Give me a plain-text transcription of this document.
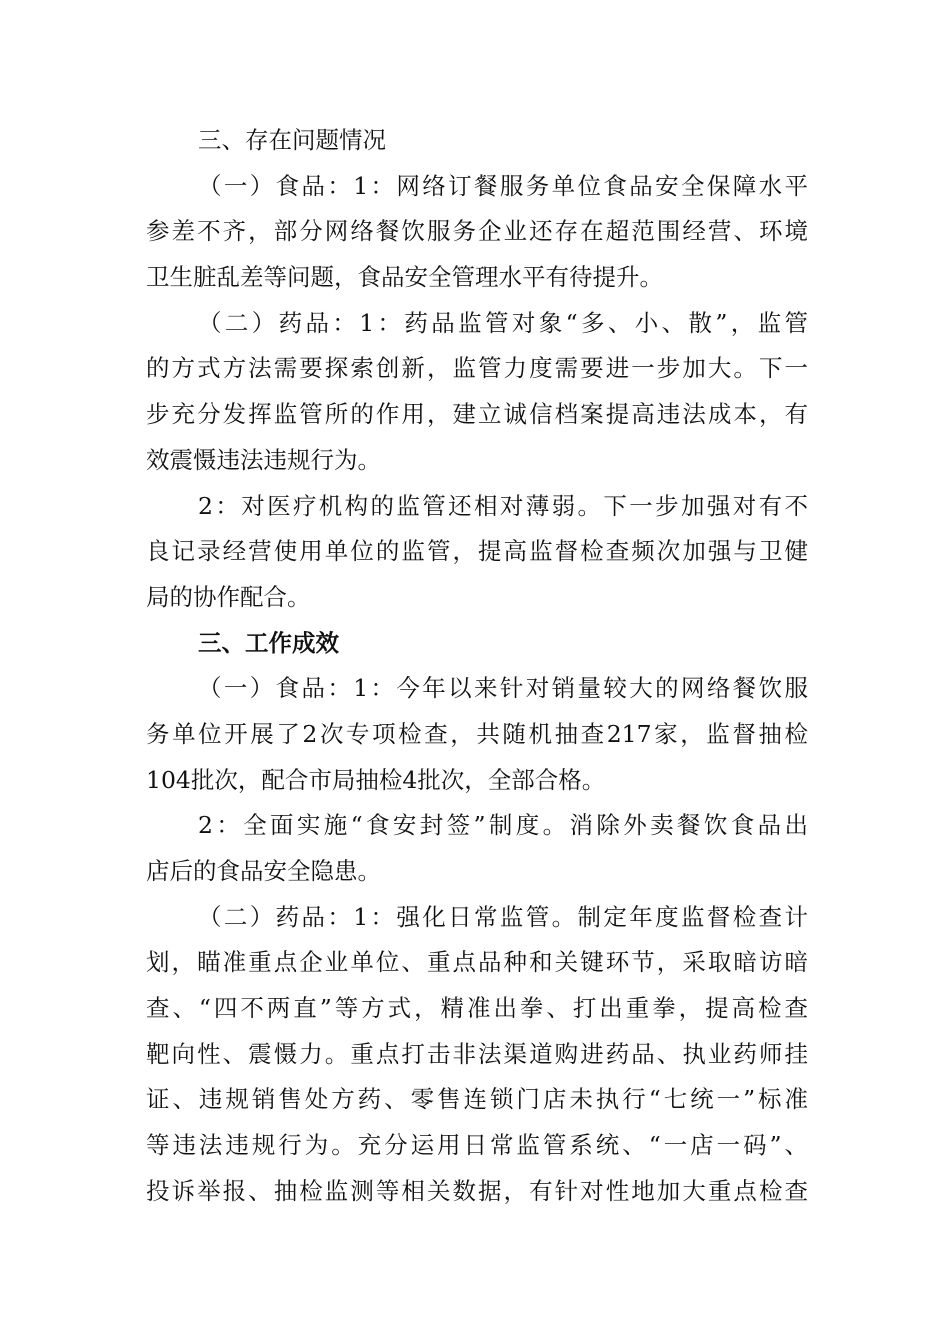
三、存在问题情况
（一）食品：1：网络订餐服务单位食品安全保障水平
参差不齐，部分网络餐饮服务企业还存在超范围经营、环境
卫生脏乱差等问题，食品安全管理水平有待提升。
（二）药品：1：药品监管对象“多、小、散”，监管
的方式方法需要探索创新，监管力度需要进一步加大。下一
步充分发挥监管所的作用，建立诚信档案提高违法成本，有
效震慑违法违规行为。
2：对医疗机构的监管还相对薄弱。下一步加强对有不
良记录经营使用单位的监管，提高监督检查频次加强与卫健
局的协作配合。
三、工作成效
（一）食品：1：今年以来针对销量较大的网络餐饮服
务单位开展了2次专项检查，共随机抽查217家，监督抽检
104批次，配合市局抽检4批次，全部合格。
2：全面实施“食安封签”制度。消除外卖餐饮食品出
店后的食品安全隐患。
（二）药品：1：强化日常监管。制定年度监督检查计
划，瞄准重点企业单位、重点品种和关键环节，采取暗访暗
查、“四不两直”等方式，精准出拳、打出重拳，提高检查
靶向性、震慑力。重点打击非法渠道购进药品、执业药师挂
证、违规销售处方药、零售连锁门店未执行“七统一”标准
等违法违规行为。充分运用日常监管系统、“一店一码”、
投诉举报、抽检监测等相关数据，有针对性地加大重点检查
